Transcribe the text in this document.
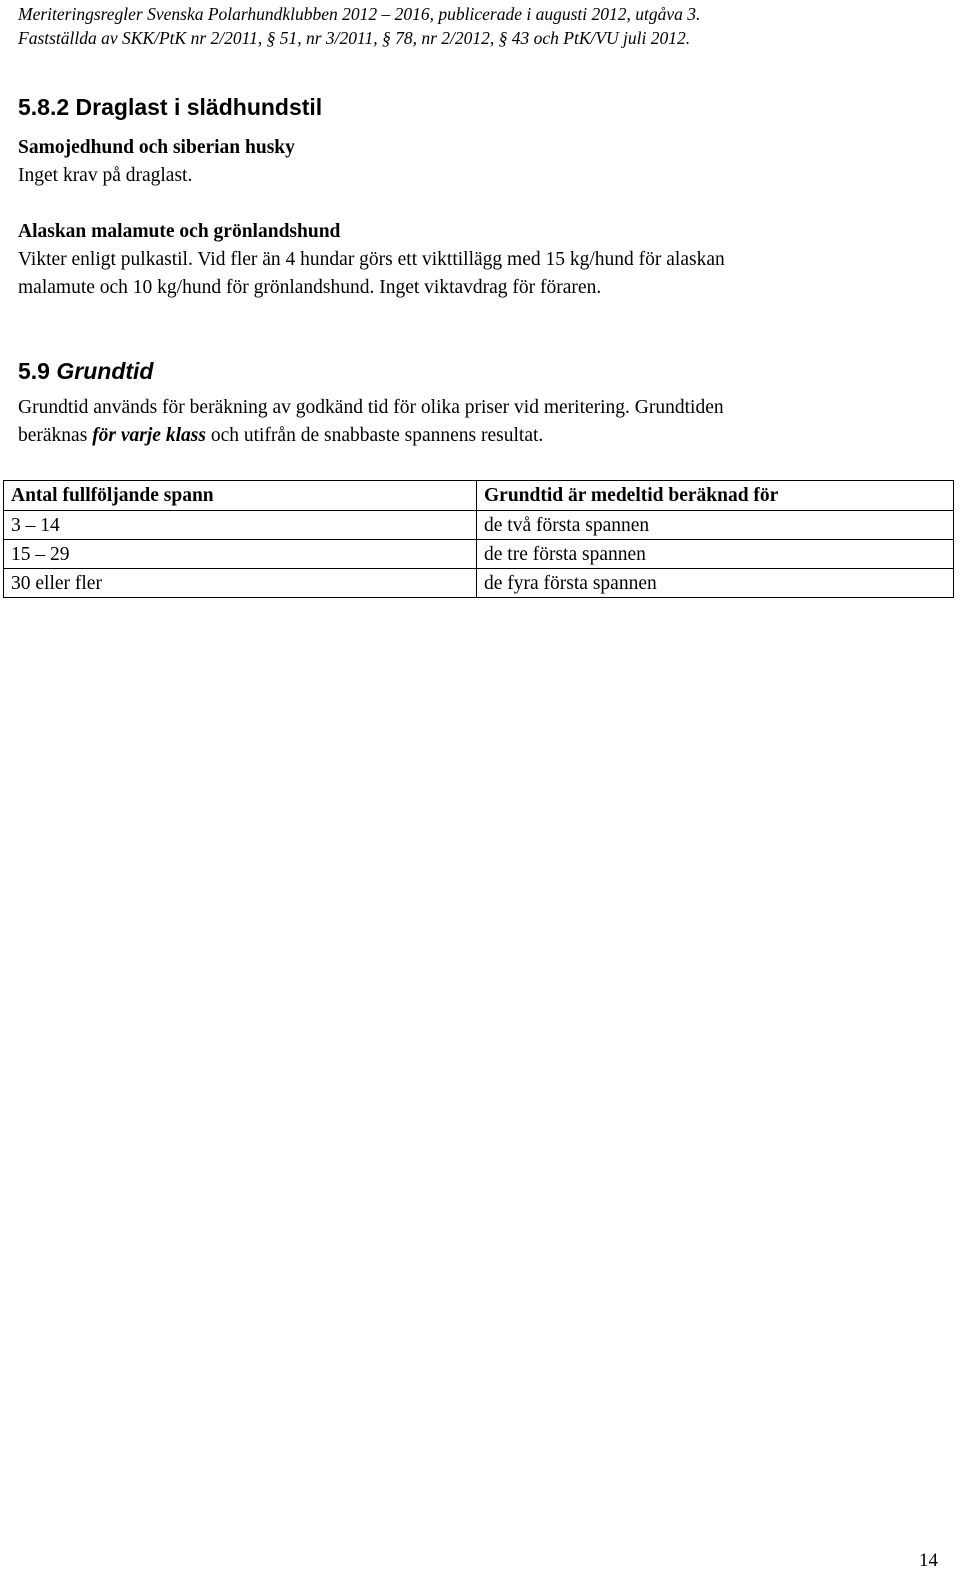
Meriteringsregler Svenska Polarhundklubben 2012 – 2016, publicerade i augusti 2012, utgåva 3.
Fastställda av SKK/PtK nr 2/2011, § 51, nr 3/2011, § 78, nr 2/2012, § 43 och PtK/VU juli 2012.
5.8.2 Draglast i slädhundstil
Samojedhund och siberian husky
Inget krav på draglast.
Alaskan malamute och grönlandshund
Vikter enligt pulkastil. Vid fler än 4 hundar görs ett vikttillägg med 15 kg/hund för alaskan
malamute och 10 kg/hund för grönlandshund. Inget viktavdrag för föraren.
5.9 Grundtid
Grundtid används för beräkning av godkänd tid för olika priser vid meritering. Grundtiden
beräknas för varje klass och utifrån de snabbaste spannens resultat.
Antal fullföljande spann	Grundtid är medeltid beräknad för
3 – 14	de två första spannen
15 – 29	de tre första spannen
30 eller fler	de fyra första spannen
14
